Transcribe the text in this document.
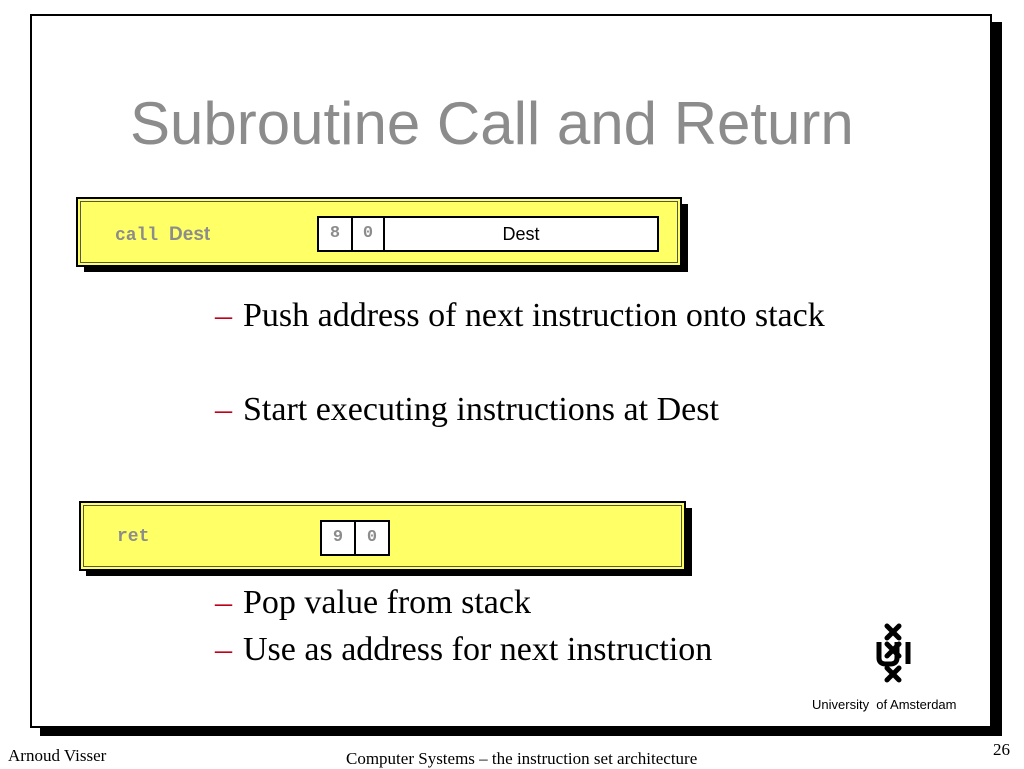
Subroutine Call and Return
call Dest	8	0	Dest
– Push address of next instruction onto stack
– Start executing instructions at Dest
ret	9	0
– Pop value from stack
– Use as address for next instruction
University  of Amsterdam
Arnoud Visser	Computer Systems – the instruction set architecture	26
